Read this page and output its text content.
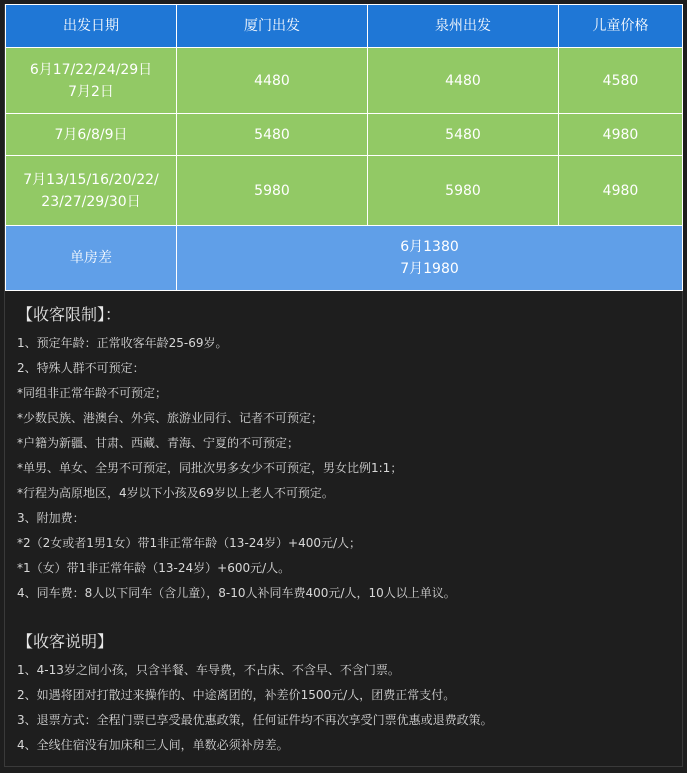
出发日期	厦门出发	泉州出发	儿童价格

6月17/22/24/29日
7月2日	4480	4480	4580

7月6/8/9日	5480	5480	4980

7月13/15/16/20/22/
23/27/29/30日	5980	5980	4980
单房差	6月1380
7月1980		
【收客限制】：
1、预定年龄：正常收客年龄25-69岁。
2、特殊人群不可预定：
*同组非正常年龄不可预定；
*少数民族、港澳台、外宾、旅游业同行、记者不可预定；
*户籍为新疆、甘肃、西藏、青海、宁夏的不可预定；
*单男、单女、全男不可预定，同批次男多女少不可预定，男女比例1:1；
*行程为高原地区，4岁以下小孩及69岁以上老人不可预定。
3、附加费：
*2（2女或者1男1女）带1非正常年龄（13-24岁）+400元/人；
*1（女）带1非正常年龄（13-24岁）+600元/人。
4、同车费：8人以下同车（含儿童），8-10人补同车费400元/人，10人以上单议。
【收客说明】
1、4-13岁之间小孩，只含半餐、车导费，不占床、不含早、不含门票。
2、如遇将团对打散过来操作的、中途离团的，补差价1500元/人，团费正常支付。
3、退票方式：全程门票已享受最优惠政策，任何证件均不再次享受门票优惠或退费政策。
4、全线住宿没有加床和三人间，单数必须补房差。
